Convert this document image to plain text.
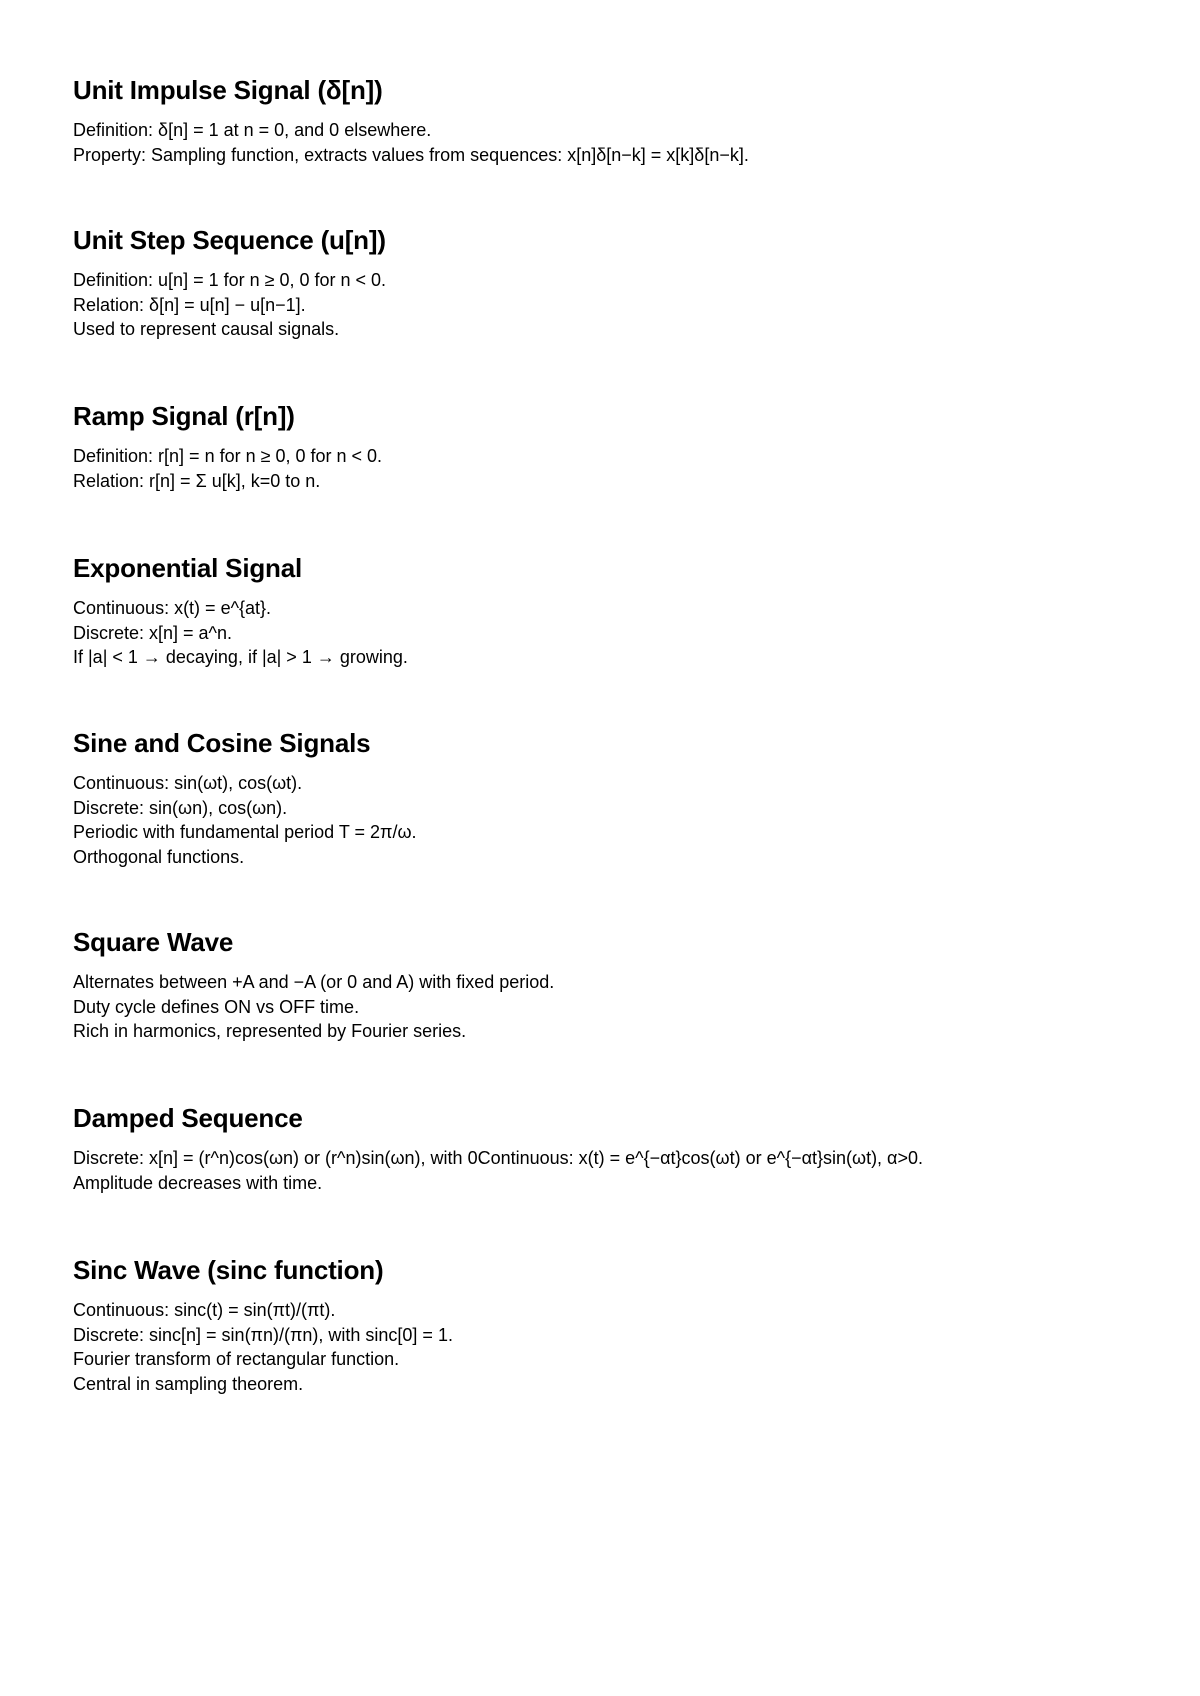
Unit Impulse Signal (δ[n])
Definition: δ[n] = 1 at n = 0, and 0 elsewhere.
Property: Sampling function, extracts values from sequences: x[n]δ[n−k] = x[k]δ[n−k].
Unit Step Sequence (u[n])
Definition: u[n] = 1 for n ≥ 0, 0 for n < 0.
Relation: δ[n] = u[n] − u[n−1].
Used to represent causal signals.
Ramp Signal (r[n])
Definition: r[n] = n for n ≥ 0, 0 for n < 0.
Relation: r[n] = Σ u[k], k=0 to n.
Exponential Signal
Continuous: x(t) = e^{at}.
Discrete: x[n] = a^n.
If |a| < 1 → decaying, if |a| > 1 → growing.
Sine and Cosine Signals
Continuous: sin(ωt), cos(ωt).
Discrete: sin(ωn), cos(ωn).
Periodic with fundamental period T = 2π/ω.
Orthogonal functions.
Square Wave
Alternates between +A and −A (or 0 and A) with fixed period.
Duty cycle defines ON vs OFF time.
Rich in harmonics, represented by Fourier series.
Damped Sequence
Discrete: x[n] = (r^n)cos(ωn) or (r^n)sin(ωn), with 0Continuous: x(t) = e^{−αt}cos(ωt) or e^{−αt}sin(ωt), α>0.
Amplitude decreases with time.
Sinc Wave (sinc function)
Continuous: sinc(t) = sin(πt)/(πt).
Discrete: sinc[n] = sin(πn)/(πn), with sinc[0] = 1.
Fourier transform of rectangular function.
Central in sampling theorem.
